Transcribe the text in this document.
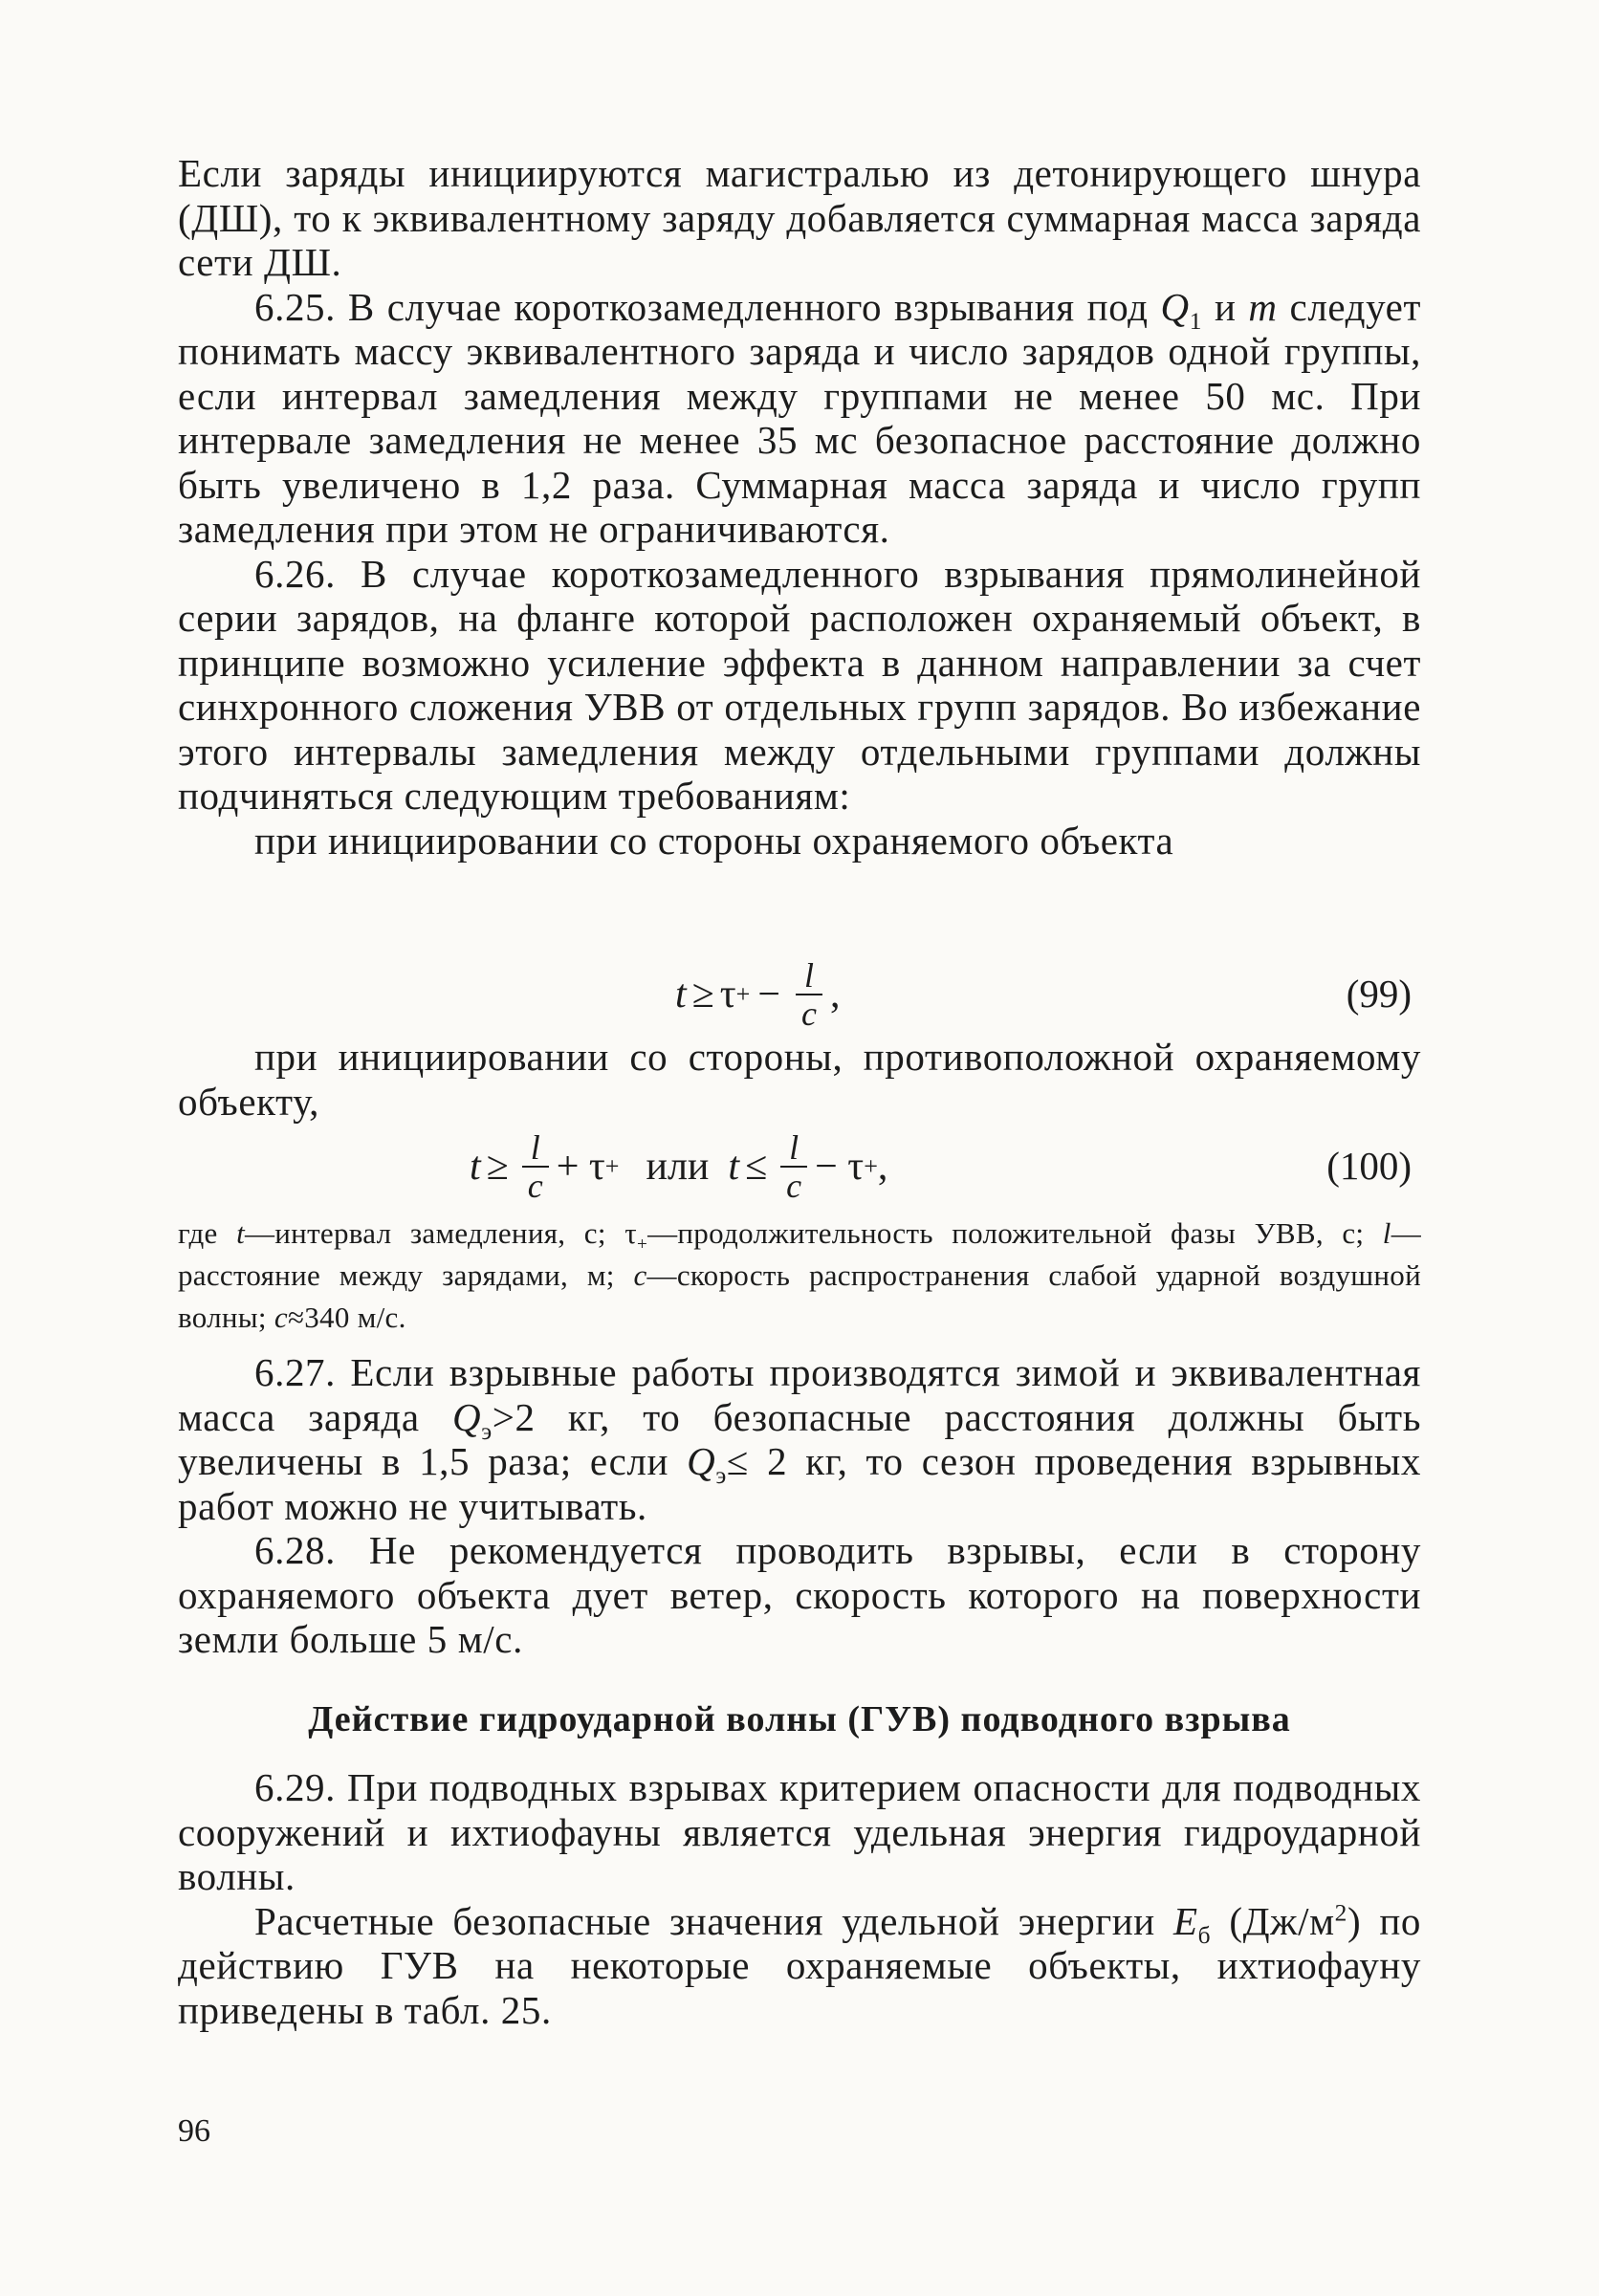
Если заряды инициируются магистралью из детонирующего шнура (ДШ), то к эквивалентному заряду добавляется суммарная масса заряда сети ДШ.

6.25. В случае короткозамедленного взрывания под $Q_1$ и m следует понимать массу эквивалентного заряда и число зарядов одной группы, если интервал замедления между группами не менее 50 мс. При интервале замедления не менее 35 мс безопасное расстояние должно быть увеличено в 1,2 раза. Суммарная масса заряда и число групп замедления при этом не ограничиваются.

6.26. В случае короткозамедленного взрывания прямолинейной серии зарядов, на фланге которой расположен охраняемый объект, в принципе возможно усиление эффекта в данном направлении за счет синхронного сложения УВВ от отдельных групп зарядов. Во избежание этого интервалы замедления между отдельными группами должны подчиняться следующим требованиям:

при инициировании со стороны охраняемого объекта

t ≥ τ + − $\frac{l}{c}$ ,	(99)

при инициировании со стороны, противоположной охраняемому объекту,

$t \ge \frac{l}{c} + \tau$ + или $t \le \frac{l}{c} - \tau$ + ,	(100)

где t—интервал замедления, с; $\tau_+—продолжительность$ положительной фазы УВВ, с; l—расстояние между зарядами, м; c—скорость распространения слабой ударной воздушной волны; c≈340 м/с.

6.27. Если взрывные работы производятся зимой и эквивалентная масса заряда $Q_э>2$ кг, то безопасные расстояния должны быть увеличены в 1,5 раза; если $Q_э\le 2$ кг, то сезон проведения взрывных работ можно не учитывать.

6.28. Не рекомендуется проводить взрывы, если в сторону охраняемого объекта дует ветер, скорость которого на поверхности земли больше 5 м/с.

Действие гидроударной волны (ГУВ) подводного взрыва

6.29. При подводных взрывах критерием опасности для подводных сооружений и ихтиофауны является удельная энергия гидроударной волны.

Расчетные безопасные значения удельной энергии $E_б$ $(Дж/м^2)$ по действию ГУВ на некоторые охраняемые объекты, ихтиофауну приведены в табл. 25.

96
